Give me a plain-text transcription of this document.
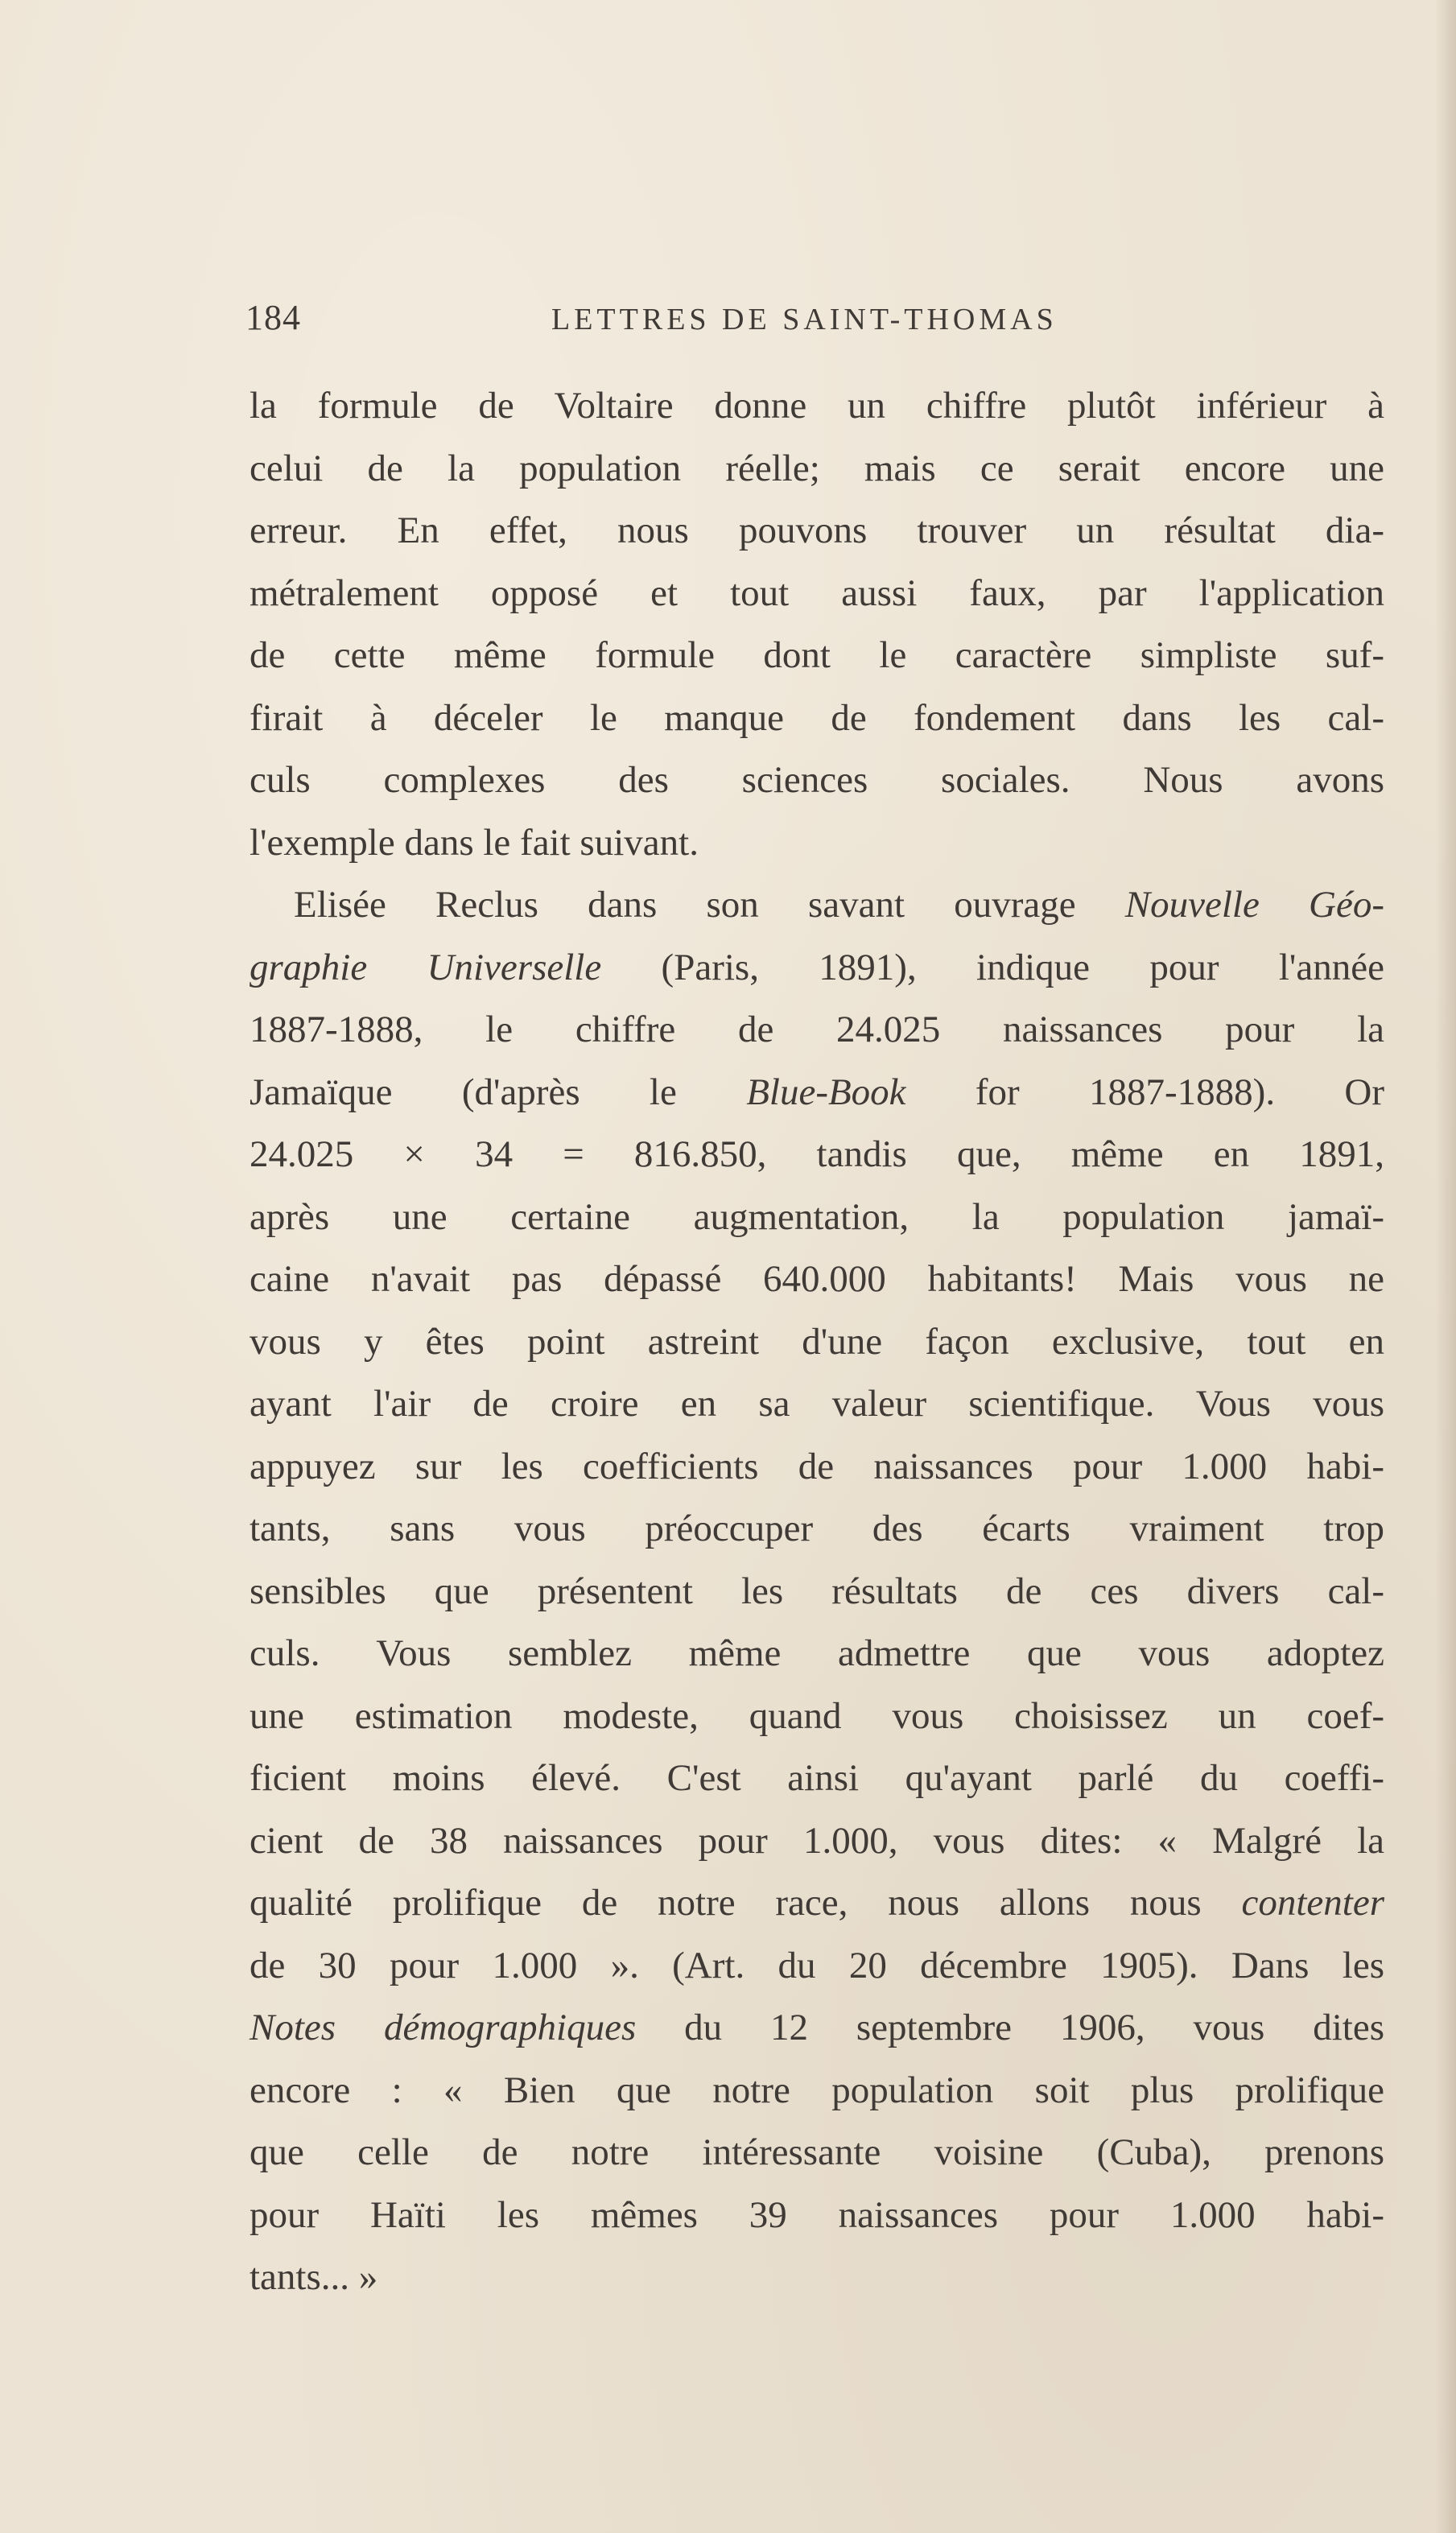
184	LETTRES DE SAINT-THOMAS
la formule de Voltaire donne un chiffre plutôt inférieur à
celui de la population réelle; mais ce serait encore une
erreur. En effet, nous pouvons trouver un résultat dia-
métralement opposé et tout aussi faux, par l'application
de cette même formule dont le caractère simpliste suf-
firait à déceler le manque de fondement dans les cal-
culs complexes des sciences sociales. Nous avons
l'exemple dans le fait suivant.
Elisée Reclus dans son savant ouvrage Nouvelle Géo-
graphie Universelle (Paris, 1891), indique pour l'année
1887-1888, le chiffre de 24.025 naissances pour la
Jamaïque (d'après le Blue-Book for 1887-1888). Or
24.025 × 34 = 816.850, tandis que, même en 1891,
après une certaine augmentation, la population jamaï-
caine n'avait pas dépassé 640.000 habitants! Mais vous ne
vous y êtes point astreint d'une façon exclusive, tout en
ayant l'air de croire en sa valeur scientifique. Vous vous
appuyez sur les coefficients de naissances pour 1.000 habi-
tants, sans vous préoccuper des écarts vraiment trop
sensibles que présentent les résultats de ces divers cal-
culs. Vous semblez même admettre que vous adoptez
une estimation modeste, quand vous choisissez un coef-
ficient moins élevé. C'est ainsi qu'ayant parlé du coeffi-
cient de 38 naissances pour 1.000, vous dites: « Malgré la
qualité prolifique de notre race, nous allons nous contenter
de 30 pour 1.000 ». (Art. du 20 décembre 1905). Dans les
Notes démographiques du 12 septembre 1906, vous dites
encore : « Bien que notre population soit plus prolifique
que celle de notre intéressante voisine (Cuba), prenons
pour Haïti les mêmes 39 naissances pour 1.000 habi-
tants... »
